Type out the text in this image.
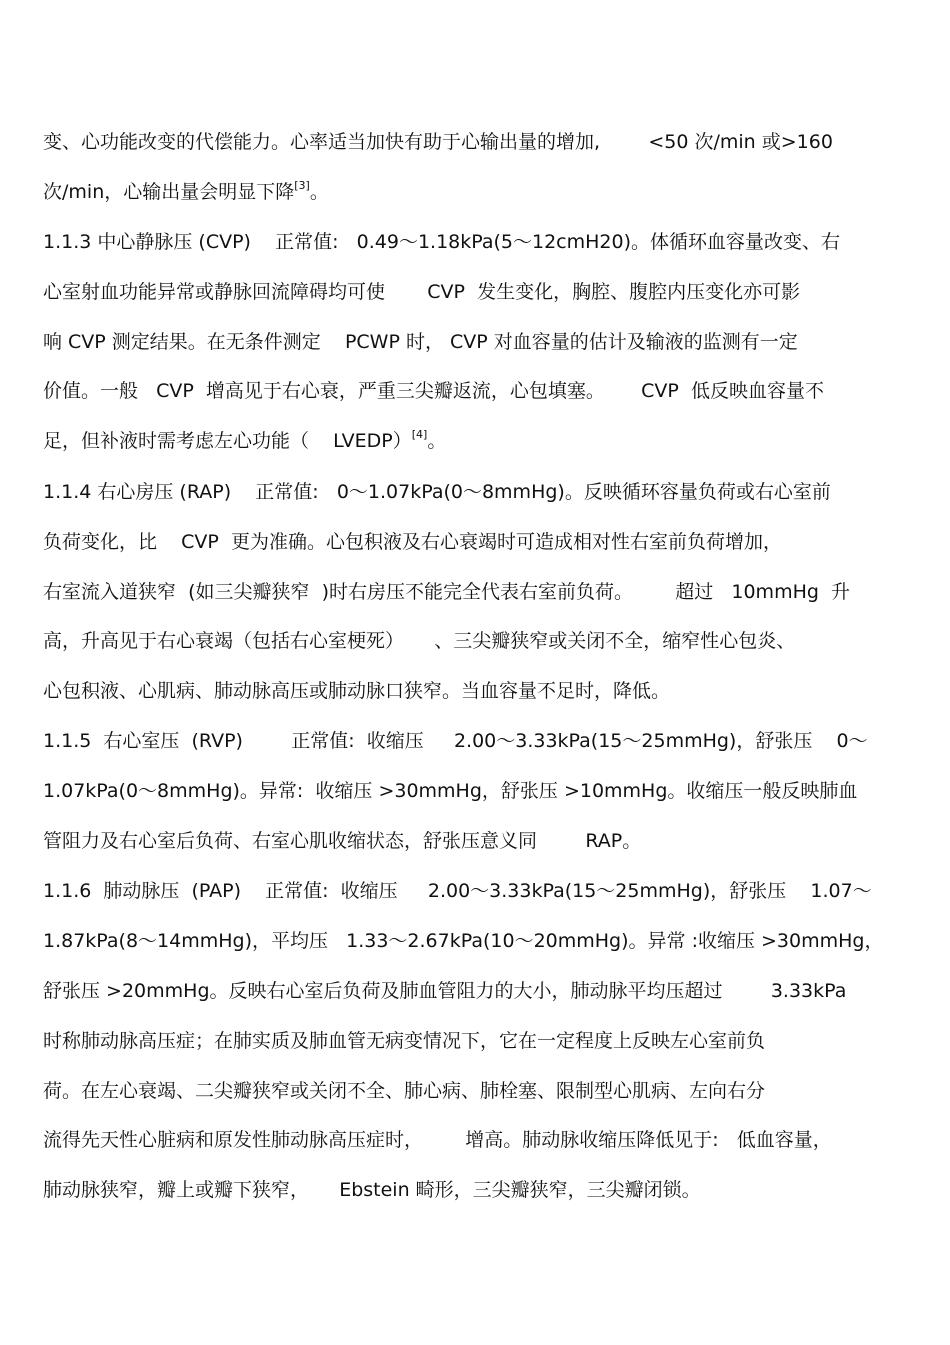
变、心功能改变的代偿能力。心率适当加快有助于心输出量的增加,        <50 次/min 或>160
次/min，心输出量会明显下降[3]。
1.1.3 中心静脉压 (CVP)    正常值:   0.49～1.18kPa(5～12cmH20)。体循环血容量改变、右
心室射血功能异常或静脉回流障碍均可使       CVP  发生变化，胸腔、腹腔内压变化亦可影
响 CVP 测定结果。在无条件测定    PCWP 时， CVP 对血容量的估计及输液的监测有一定
价值。一般   CVP  增高见于右心衰，严重三尖瓣返流，心包填塞。      CVP  低反映血容量不
足，但补液时需考虑左心功能（    LVEDP）[4]。
1.1.4 右心房压 (RAP)    正常值:   0～1.07kPa(0～8mmHg)。反映循环容量负荷或右心室前
负荷变化，比    CVP  更为准确。心包积液及右心衰竭时可造成相对性右室前负荷增加，
右室流入道狭窄  (如三尖瓣狭窄  )时右房压不能完全代表右室前负荷。       超过   10mmHg  升
高，升高见于右心衰竭（包括右心室梗死）     、三尖瓣狭窄或关闭不全，缩窄性心包炎、
心包积液、心肌病、肺动脉高压或肺动脉口狭窄。当血容量不足时，降低。
1.1.5  右心室压  (RVP)        正常值:  收缩压     2.00～3.33kPa(15～25mmHg)，舒张压    0～
1.07kPa(0～8mmHg)。异常:  收缩压 >30mmHg，舒张压 >10mmHg。收缩压一般反映肺血
管阻力及右心室后负荷、右室心肌收缩状态，舒张压意义同        RAP。
1.1.6  肺动脉压  (PAP)    正常值:  收缩压     2.00～3.33kPa(15～25mmHg)，舒张压    1.07～
1.87kPa(8～14mmHg)，平均压   1.33～2.67kPa(10～20mmHg)。异常 :收缩压 >30mmHg，
舒张压 >20mmHg。反映右心室后负荷及肺血管阻力的大小，肺动脉平均压超过        3.33kPa
时称肺动脉高压症；在肺实质及肺血管无病变情况下，它在一定程度上反映左心室前负
荷。在左心衰竭、二尖瓣狭窄或关闭不全、肺心病、肺栓塞、限制型心肌病、左向右分
流得先天性心脏病和原发性肺动脉高压症时，       增高。肺动脉收缩压降低见于:   低血容量，
肺动脉狭窄，瓣上或瓣下狭窄，     Ebstein 畸形，三尖瓣狭窄，三尖瓣闭锁。
